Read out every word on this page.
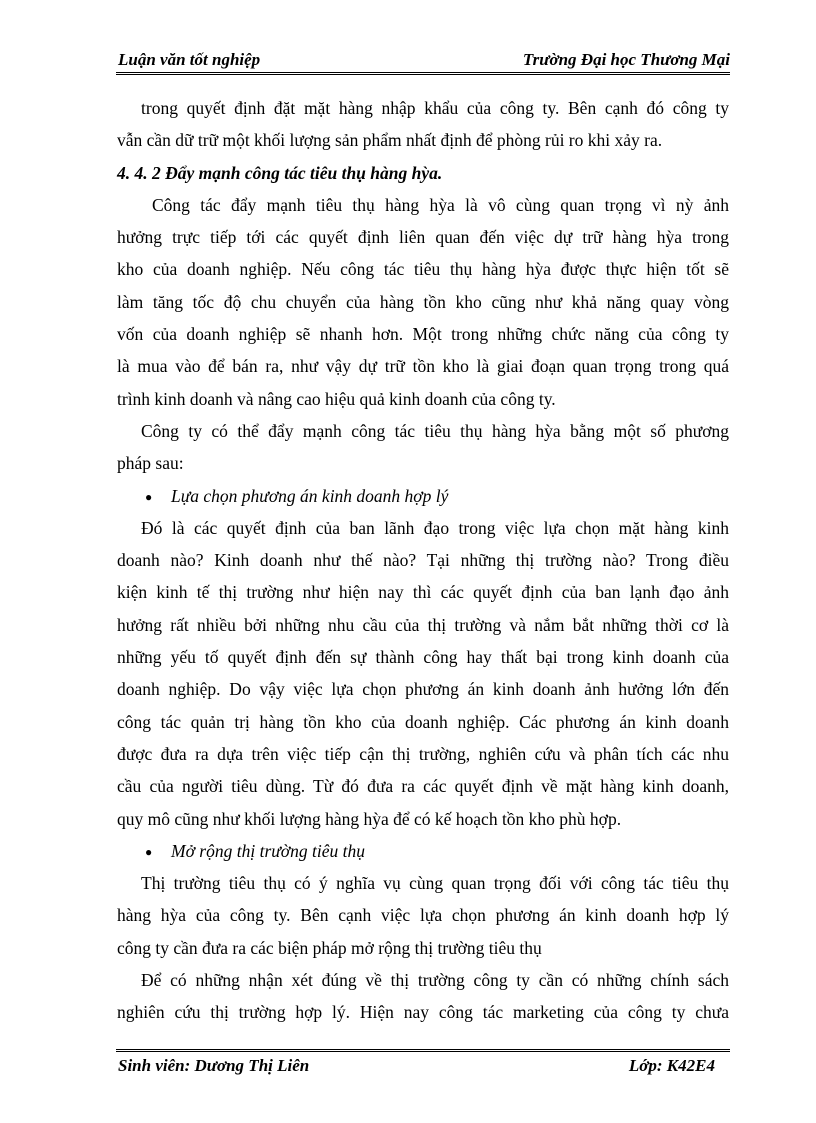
Luận văn tốt nghiệp	Trường Đại học Thương Mại
trong quyết định đặt mặt hàng nhập khẩu của công ty. Bên cạnh đó công ty
vẫn cần dữ trữ một khối lượng sản phẩm nhất định để phòng rủi ro khi xảy ra.
4. 4. 2 Đẩy mạnh công tác tiêu thụ hàng hỳa.
Công tác đẩy mạnh tiêu thụ hàng hỳa là vô cùng quan trọng vì nỳ ảnh
hưởng trực tiếp tới các quyết định liên quan đến việc dự trữ hàng hỳa trong
kho của doanh nghiệp. Nếu công tác tiêu thụ hàng hỳa được thực hiện tốt sẽ
làm tăng tốc độ chu chuyển của hàng tồn kho cũng như khả năng quay vòng
vốn của doanh nghiệp sẽ nhanh hơn. Một trong những chức năng của công ty
là mua vào để bán ra, như vậy dự trữ tồn kho là giai đoạn quan trọng trong quá
trình kinh doanh và nâng cao hiệu quả kinh doanh của công ty.
Công ty có thể đẩy mạnh công tác tiêu thụ hàng hỳa bằng một số phương
pháp sau:
● Lựa chọn phương án kinh doanh hợp lý
Đó là các quyết định của ban lãnh đạo trong việc lựa chọn mặt hàng kinh
doanh nào? Kinh doanh như thế nào? Tại những thị trường nào? Trong điều
kiện kinh tế thị trường như hiện nay thì các quyết định của ban lạnh đạo ảnh
hưởng rất nhiều bởi những nhu cầu của thị trường và nắm bắt những thời cơ là
những yếu tố quyết định đến sự thành công hay thất bại trong kinh doanh của
doanh nghiệp. Do vậy việc lựa chọn phương án kinh doanh ảnh hưởng lớn đến
công tác quản trị hàng tồn kho của doanh nghiệp. Các phương án kinh doanh
được đưa ra dựa trên việc tiếp cận thị trường, nghiên cứu và phân tích các nhu
cầu của người tiêu dùng. Từ đó đưa ra các quyết định về mặt hàng kinh doanh,
quy mô cũng như khối lượng hàng hỳa để có kế hoạch tồn kho phù hợp.
● Mở rộng thị trường tiêu thụ
Thị trường tiêu thụ có ý nghĩa vụ cùng quan trọng đối với công tác tiêu thụ
hàng hỳa của công ty. Bên cạnh việc lựa chọn phương án kinh doanh hợp lý
công ty cần đưa ra các biện pháp mở rộng thị trường tiêu thụ
Để có những nhận xét đúng về thị trường công ty cần có những chính sách
nghiên cứu thị trường hợp lý. Hiện nay công tác marketing của công ty chưa
Sinh viên: Dương Thị Liên	Lớp: K42E4
